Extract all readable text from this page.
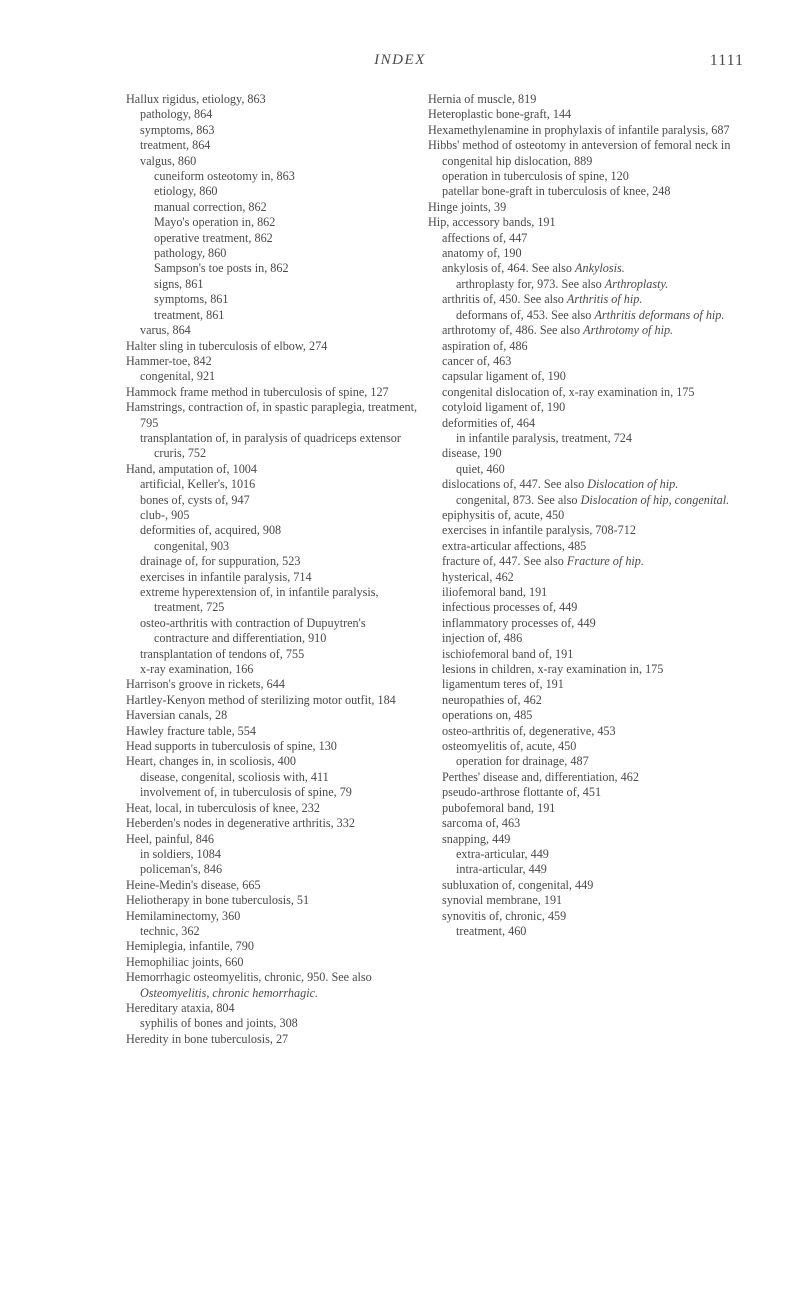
INDEX	1111

Hallux rigidus, etiology, 863

pathology, 864

symptoms, 863

treatment, 864

valgus, 860

cuneiform osteotomy in, 863

etiology, 860

manual correction, 862

Mayo's operation in, 862

operative treatment, 862

pathology, 860

Sampson's toe posts in, 862

signs, 861

symptoms, 861

treatment, 861

varus, 864

Halter sling in tuberculosis of elbow, 274

Hammer-toe, 842

congenital, 921

Hammock frame method in tuberculosis of spine, 127

Hamstrings, contraction of, in spastic paraplegia, treatment, 795

transplantation of, in paralysis of quadriceps extensor cruris, 752

Hand, amputation of, 1004

artificial, Keller's, 1016

bones of, cysts of, 947

club-, 905

deformities of, acquired, 908

congenital, 903

drainage of, for suppuration, 523

exercises in infantile paralysis, 714

extreme hyperextension of, in infantile paralysis, treatment, 725

osteo-arthritis with contraction of Dupuytren's contracture and differentiation, 910

transplantation of tendons of, 755

x-ray examination, 166

Harrison's groove in rickets, 644

Hartley-Kenyon method of sterilizing motor outfit, 184

Haversian canals, 28

Hawley fracture table, 554

Head supports in tuberculosis of spine, 130

Heart, changes in, in scoliosis, 400

disease, congenital, scoliosis with, 411

involvement of, in tuberculosis of spine, 79

Heat, local, in tuberculosis of knee, 232

Heberden's nodes in degenerative arthritis, 332

Heel, painful, 846

in soldiers, 1084

policeman's, 846

Heine-Medin's disease, 665

Heliotherapy in bone tuberculosis, 51

Hemilaminectomy, 360

technic, 362

Hemiplegia, infantile, 790

Hemophiliac joints, 660

Hemorrhagic osteomyelitis, chronic, 950. See also Osteomyelitis, chronic hemorrhagic.

Hereditary ataxia, 804

syphilis of bones and joints, 308

Heredity in bone tuberculosis, 27

Hernia of muscle, 819

Heteroplastic bone-graft, 144

Hexamethylenamine in prophylaxis of infantile paralysis, 687

Hibbs' method of osteotomy in anteversion of femoral neck in congenital hip dislocation, 889

operation in tuberculosis of spine, 120

patellar bone-graft in tuberculosis of knee, 248

Hinge joints, 39

Hip, accessory bands, 191

affections of, 447

anatomy of, 190

ankylosis of, 464. See also Ankylosis.

arthroplasty for, 973. See also Arthroplasty.

arthritis of, 450. See also Arthritis of hip.

deformans of, 453. See also Arthritis deformans of hip.

arthrotomy of, 486. See also Arthrotomy of hip.

aspiration of, 486

cancer of, 463

capsular ligament of, 190

congenital dislocation of, x-ray examination in, 175

cotyloid ligament of, 190

deformities of, 464

in infantile paralysis, treatment, 724

disease, 190

quiet, 460

dislocations of, 447. See also Dislocation of hip.

congenital, 873. See also Dislocation of hip, congenital.

epiphysitis of, acute, 450

exercises in infantile paralysis, 708-712

extra-articular affections, 485

fracture of, 447. See also Fracture of hip.

hysterical, 462

iliofemoral band, 191

infectious processes of, 449

inflammatory processes of, 449

injection of, 486

ischiofemoral band of, 191

lesions in children, x-ray examination in, 175

ligamentum teres of, 191

neuropathies of, 462

operations on, 485

osteo-arthritis of, degenerative, 453

osteomyelitis of, acute, 450

operation for drainage, 487

Perthes' disease and, differentiation, 462

pseudo-arthrose flottante of, 451

pubofemoral band, 191

sarcoma of, 463

snapping, 449

extra-articular, 449

intra-articular, 449

subluxation of, congenital, 449

synovial membrane, 191

synovitis of, chronic, 459

treatment, 460
